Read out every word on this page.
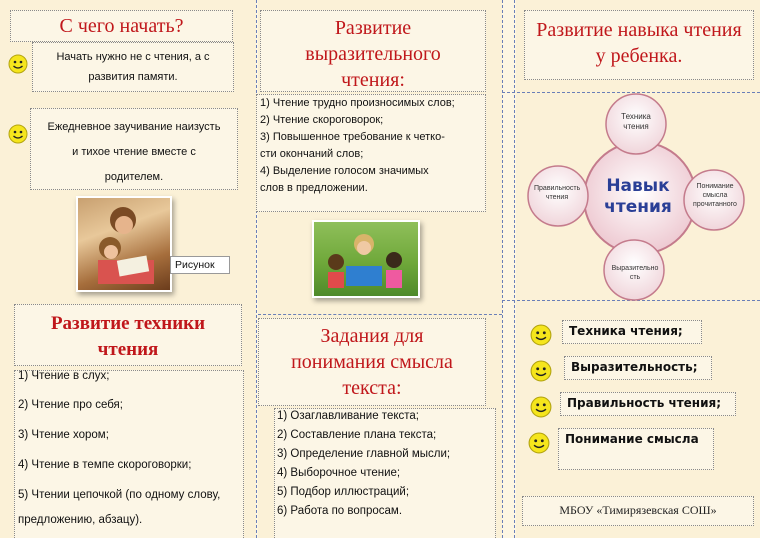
С чего начать?
Начать нужно не с чтения, а с развития памяти.
Ежедневное заучивание наизусть и тихое чтение вместе с родителем.
Рисунок
Развитие техники чтения
1) Чтение в слух;
2) Чтение про себя;
3) Чтение хором;
4) Чтение в темпе скороговорки;
5) Чтении цепочкой (по одному слову,
предложению, абзацу).
Развитие выразительного чтения:
1) Чтение трудно произносимых слов;
2) Чтение скороговорок;
3) Повышенное требование к четко-
сти окончаний слов;
4) Выделение голосом значимых
слов в предложении.
Задания для понимания смысла текста:
1) Озаглавливание текста;
2) Составление плана текста;
3) Определение главной мысли;
4) Выборочное чтение;
5) Подбор иллюстраций;
6) Работа по вопросам.
Развитие навыка чтения у ребенка.
Навык чтения
Техника чтения
Понимание смысла прочитанного
Выразительность
Правильность чтения
Техника чтения;
Выразительность;
Правильность чтения;
Понимание смысла
МБОУ «Тимирязевская СОШ»
